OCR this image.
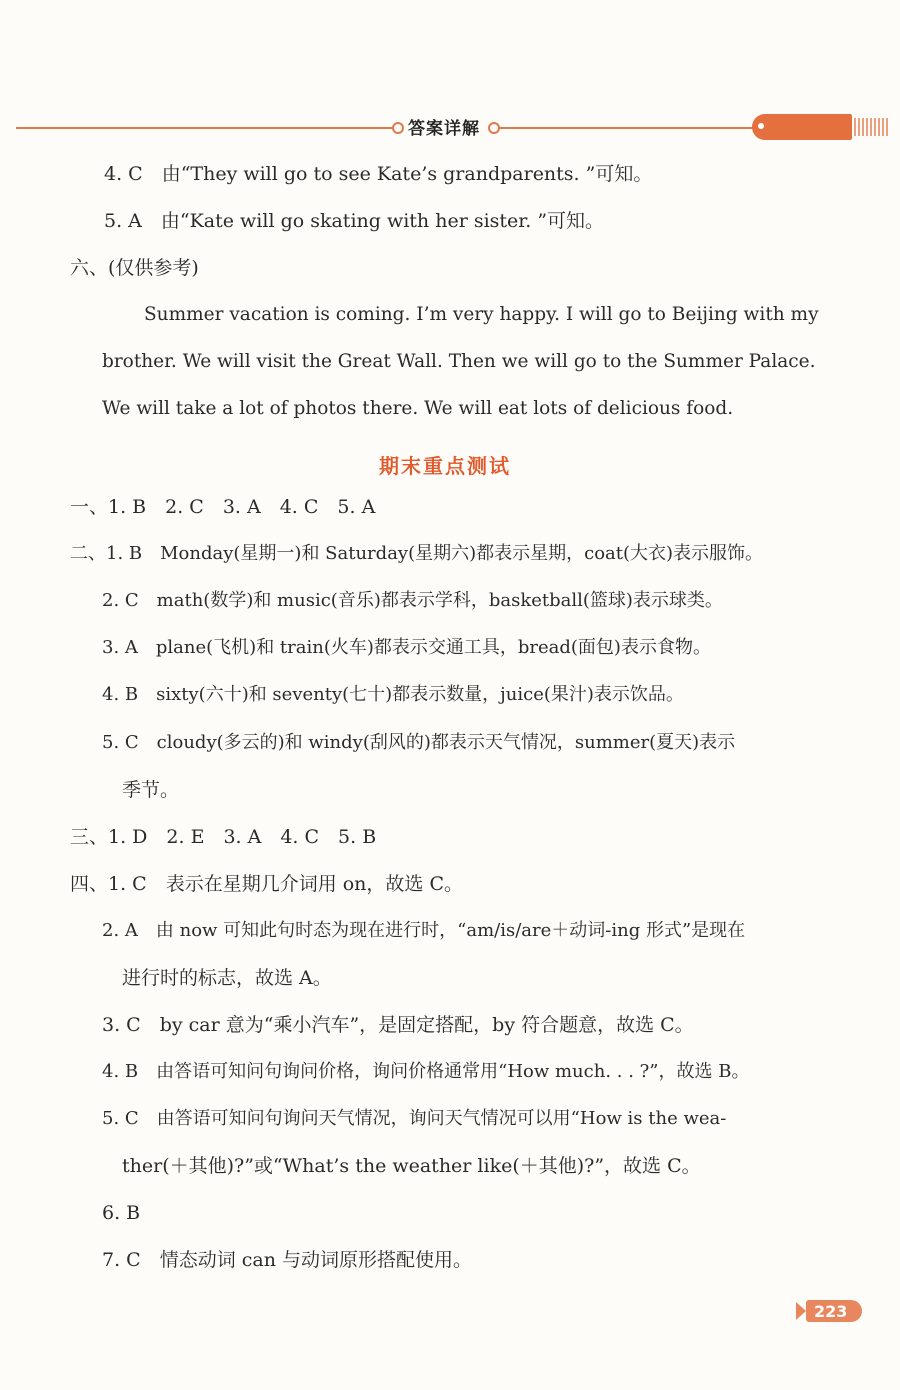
答案详解
4. C　由“They will go to see Kate’s grandparents. ”可知。
5. A　由“Kate will go skating with her sister. ”可知。
六、(仅供参考)
Summer vacation is coming. I’m very happy. I will go to Beijing with my
brother. We will visit the Great Wall. Then we will go to the Summer Palace.
We will take a lot of photos there. We will eat lots of delicious food.
期末重点测试
一、1. B　2. C　3. A　4. C　5. A
二、1. B　Monday(星期一)和 Saturday(星期六)都表示星期，coat(大衣)表示服饰。
2. C　math(数学)和 music(音乐)都表示学科，basketball(篮球)表示球类。
3. A　plane(飞机)和 train(火车)都表示交通工具，bread(面包)表示食物。
4. B　sixty(六十)和 seventy(七十)都表示数量，juice(果汁)表示饮品。
5. C　cloudy(多云的)和 windy(刮风的)都表示天气情况，summer(夏天)表示
季节。
三、1. D　2. E　3. A　4. C　5. B
四、1. C　表示在星期几介词用 on，故选 C。
2. A　由 now 可知此句时态为现在进行时，“am/is/are＋动词-ing 形式”是现在
进行时的标志，故选 A。
3. C　by car 意为“乘小汽车”，是固定搭配，by 符合题意，故选 C。
4. B　由答语可知问句询问价格，询问价格通常用“How much. . . ?”，故选 B。
5. C　由答语可知问句询问天气情况，询问天气情况可以用“How is the wea-
ther(＋其他)?”或“What’s the weather like(＋其他)?”，故选 C。
6. B
7. C　情态动词 can 与动词原形搭配使用。
223
